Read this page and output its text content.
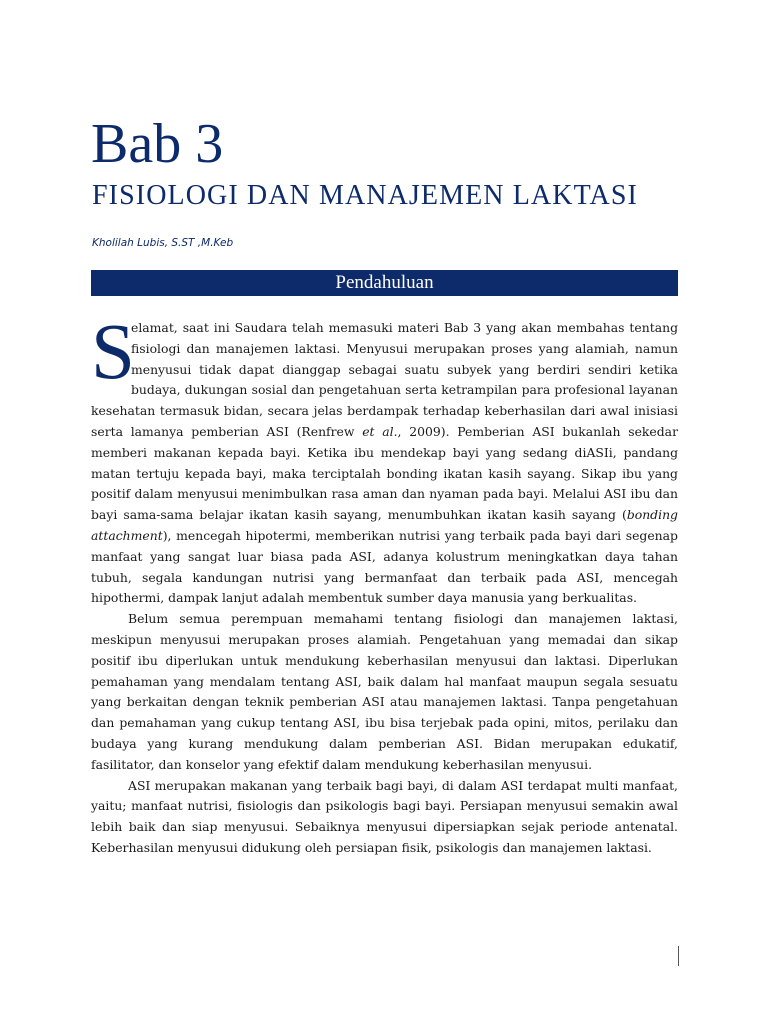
Bab 3
FISIOLOGI DAN MANAJEMEN LAKTASI
Kholilah Lubis, S.ST ,M.Keb
Pendahuluan

S
elamat, saat ini Saudara telah memasuki materi Bab 3 yang akan membahas tentang fisiologi dan manajemen laktasi. Menyusui merupakan proses yang alamiah, namun menyusui tidak dapat dianggap sebagai suatu subyek yang berdiri sendiri ketika budaya, dukungan sosial dan pengetahuan serta ketrampilan para profesional layanan kesehatan termasuk bidan, secara jelas berdampak terhadap keberhasilan dari awal inisiasi serta lamanya pemberian ASI (Renfrew et al., 2009). Pemberian ASI bukanlah sekedar memberi makanan kepada bayi. Ketika ibu mendekap bayi yang sedang diASIi, pandang matan tertuju kepada bayi, maka terciptalah bonding ikatan kasih sayang. Sikap ibu yang positif dalam menyusui menimbulkan rasa aman dan nyaman pada bayi. Melalui ASI ibu dan bayi sama-sama belajar ikatan kasih sayang, menumbuhkan ikatan kasih sayang (bonding attachment), mencegah hipotermi, memberikan nutrisi yang terbaik pada bayi dari segenap manfaat yang sangat luar biasa pada ASI, adanya kolustrum meningkatkan daya tahan tubuh, segala kandungan nutrisi yang bermanfaat dan terbaik pada ASI, mencegah hipothermi, dampak lanjut adalah membentuk sumber daya manusia yang berkualitas.

Belum semua perempuan memahami tentang fisiologi dan manajemen laktasi, meskipun menyusui merupakan proses alamiah. Pengetahuan yang memadai dan sikap positif ibu diperlukan untuk mendukung keberhasilan menyusui dan laktasi. Diperlukan pemahaman yang mendalam tentang ASI, baik dalam hal manfaat maupun segala sesuatu yang berkaitan dengan teknik pemberian ASI atau manajemen laktasi. Tanpa pengetahuan dan pemahaman yang cukup tentang ASI, ibu bisa terjebak pada opini, mitos, perilaku dan budaya yang kurang mendukung dalam pemberian ASI. Bidan merupakan edukatif, fasilitator, dan konselor yang efektif dalam mendukung keberhasilan menyusui.

ASI merupakan makanan yang terbaik bagi bayi, di dalam ASI terdapat multi manfaat, yaitu; manfaat nutrisi, fisiologis dan psikologis bagi bayi. Persiapan menyusui semakin awal lebih baik dan siap menyusui. Sebaiknya menyusui dipersiapkan sejak periode antenatal. Keberhasilan menyusui didukung oleh persiapan fisik, psikologis dan manajemen laktasi.
